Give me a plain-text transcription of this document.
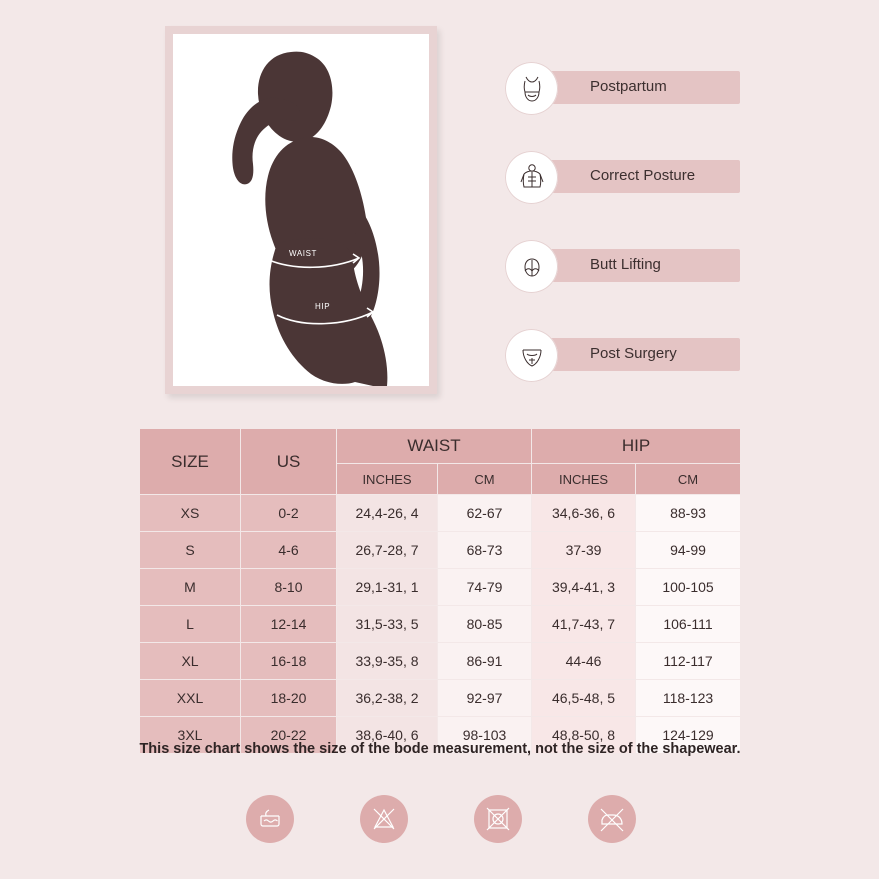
WAIST
HIP
Postpartum
Correct Posture
Butt Lifting
Post Surgery
SIZE	US	WAIST		HIP	
		INCHES	CM	INCHES	CM
XS	0-2	24,4-26, 4	62-67	34,6-36, 6	88-93
S	4-6	26,7-28, 7	68-73	37-39	94-99
M	8-10	29,1-31, 1	74-79	39,4-41, 3	100-105
L	12-14	31,5-33, 5	80-85	41,7-43, 7	106-111
XL	16-18	33,9-35, 8	86-91	44-46	112-117
XXL	18-20	36,2-38, 2	92-97	46,5-48, 5	118-123
3XL	20-22	38,6-40, 6	98-103	48,8-50, 8	124-129
This size chart shows the size of the bode measurement, not the size of the shapewear.
